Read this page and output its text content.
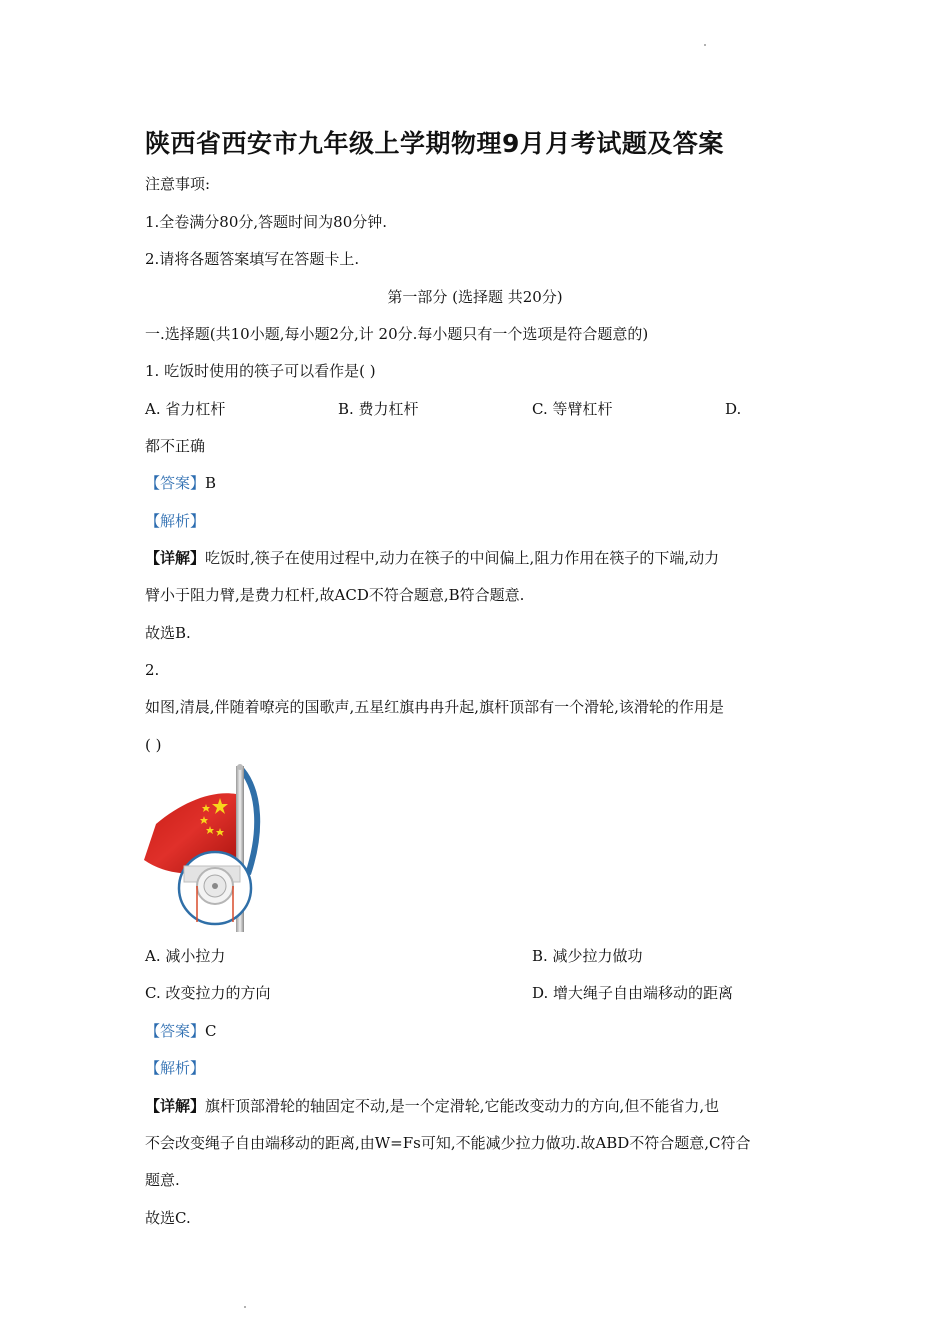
陕西省西安市九年级上学期物理9月月考试题及答案
注意事项:
1.全卷满分80分,答题时间为80分钟.
2.请将各题答案填写在答题卡上.
第一部分 (选择题 共20分)
一.选择题(共10小题,每小题2分,计 20分.每小题只有一个选项是符合题意的)
1. 吃饭时使用的筷子可以看作是( )
A. 省力杠杆	B. 费力杠杆	C. 等臂杠杆	D.
都不正确
【答案】B
【解析】
【详解】吃饭时,筷子在使用过程中,动力在筷子的中间偏上,阻力作用在筷子的下端,动力
臂小于阻力臂,是费力杠杆,故ACD不符合题意,B符合题意.
故选B.
2.
如图,清晨,伴随着嘹亮的国歌声,五星红旗冉冉升起,旗杆顶部有一个滑轮,该滑轮的作用是
( )
A. 减小拉力	B. 减少拉力做功
C. 改变拉力的方向	D. 增大绳子自由端移动的距离
【答案】C
【解析】
【详解】旗杆顶部滑轮的轴固定不动,是一个定滑轮,它能改变动力的方向,但不能省力,也
不会改变绳子自由端移动的距离,由W=Fs可知,不能减少拉力做功.故ABD不符合题意,C符合
题意.
故选C.
